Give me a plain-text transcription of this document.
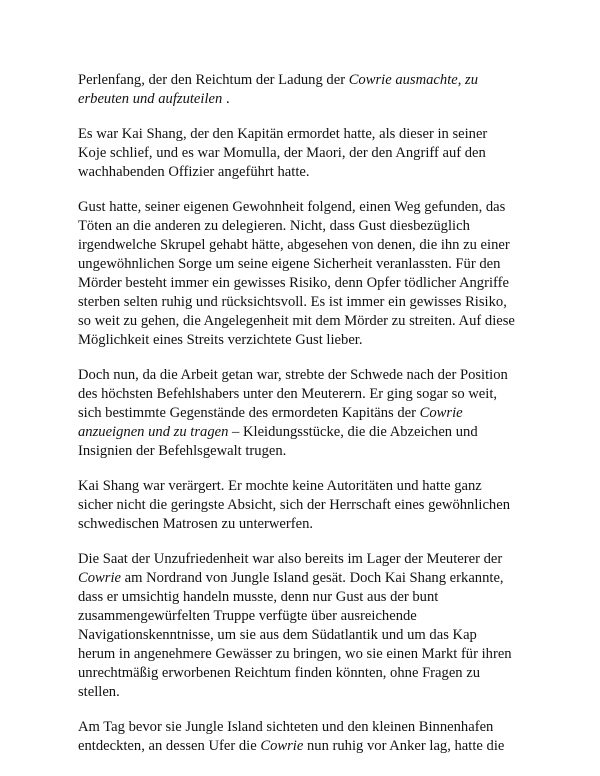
Perlenfang, der den Reichtum der Ladung der Cowrie ausmachte, zu erbeuten und aufzuteilen .

Es war Kai Shang, der den Kapitän ermordet hatte, als dieser in seiner Koje schlief, und es war Momulla, der Maori, der den Angriff auf den wachhabenden Offizier angeführt hatte.

Gust hatte, seiner eigenen Gewohnheit folgend, einen Weg gefunden, das Töten an die anderen zu delegieren. Nicht, dass Gust diesbezüglich irgendwelche Skrupel gehabt hätte, abgesehen von denen, die ihn zu einer ungewöhnlichen Sorge um seine eigene Sicherheit veranlassten. Für den Mörder besteht immer ein gewisses Risiko, denn Opfer tödlicher Angriffe sterben selten ruhig und rücksichtsvoll. Es ist immer ein gewisses Risiko, so weit zu gehen, die Angelegenheit mit dem Mörder zu streiten. Auf diese Möglichkeit eines Streits verzichtete Gust lieber.

Doch nun, da die Arbeit getan war, strebte der Schwede nach der Position des höchsten Befehlshabers unter den Meuterern. Er ging sogar so weit, sich bestimmte Gegenstände des ermordeten Kapitäns der Cowrie anzueignen und zu tragen – Kleidungsstücke, die die Abzeichen und Insignien der Befehlsgewalt trugen.

Kai Shang war verärgert. Er mochte keine Autoritäten und hatte ganz sicher nicht die geringste Absicht, sich der Herrschaft eines gewöhnlichen schwedischen Matrosen zu unterwerfen.

Die Saat der Unzufriedenheit war also bereits im Lager der Meuterer der Cowrie am Nordrand von Jungle Island gesät. Doch Kai Shang erkannte, dass er umsichtig handeln musste, denn nur Gust aus der bunt zusammengewürfelten Truppe verfügte über ausreichende Navigationskenntnisse, um sie aus dem Südatlantik und um das Kap herum in angenehmere Gewässer zu bringen, wo sie einen Markt für ihren unrechtmäßig erworbenen Reichtum finden könnten, ohne Fragen zu stellen.

Am Tag bevor sie Jungle Island sichteten und den kleinen Binnenhafen entdeckten, an dessen Ufer die Cowrie nun ruhig vor Anker lag, hatte die
